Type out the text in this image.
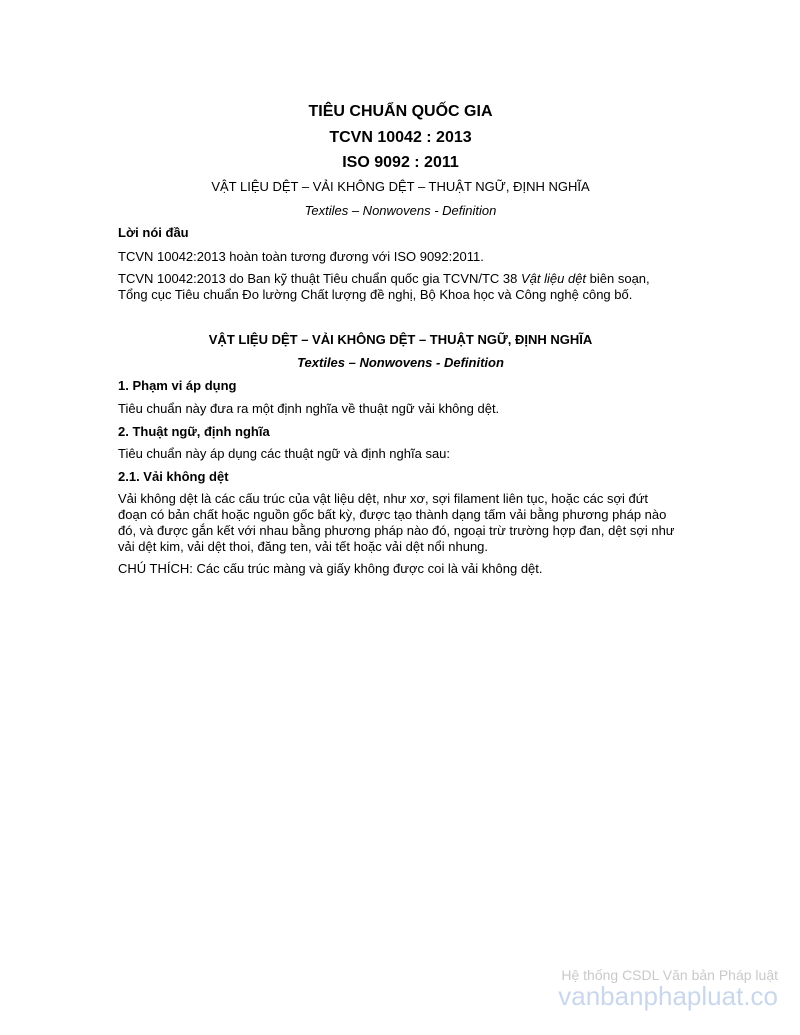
TIÊU CHUẨN QUỐC GIA
TCVN 10042 : 2013
ISO 9092 : 2011
VẬT LIỆU DỆT – VẢI KHÔNG DỆT – THUẬT NGỮ, ĐỊNH NGHĨA
Textiles – Nonwovens - Definition
Lời nói đầu
TCVN 10042:2013 hoàn toàn tương đương với ISO 9092:2011.
TCVN 10042:2013 do Ban kỹ thuật Tiêu chuẩn quốc gia TCVN/TC 38 Vật liệu dệt biên soạn,
Tổng cục Tiêu chuẩn Đo lường Chất lượng đề nghị, Bộ Khoa học và Công nghệ công bố.
VẬT LIỆU DỆT – VẢI KHÔNG DỆT – THUẬT NGỮ, ĐỊNH NGHĨA
Textiles – Nonwovens - Definition
1. Phạm vi áp dụng
Tiêu chuẩn này đưa ra một định nghĩa về thuật ngữ vải không dệt.
2. Thuật ngữ, định nghĩa
Tiêu chuẩn này áp dụng các thuật ngữ và định nghĩa sau:
2.1. Vải không dệt
Vải không dệt là các cấu trúc của vật liệu dệt, như xơ, sợi filament liên tục, hoặc các sợi đứt
đoạn có bản chất hoặc nguồn gốc bất kỳ, được tạo thành dạng tấm vải bằng phương pháp nào
đó, và được gắn kết với nhau bằng phương pháp nào đó, ngoại trừ trường hợp đan, dệt sợi như
vải dệt kim, vải dệt thoi, đăng ten, vải tết hoặc vải dệt nổi nhung.
CHÚ THÍCH: Các cấu trúc màng và giấy không được coi là vải không dệt.
Hệ thống CSDL Văn bản Pháp luật
vanbanphapluat.co
